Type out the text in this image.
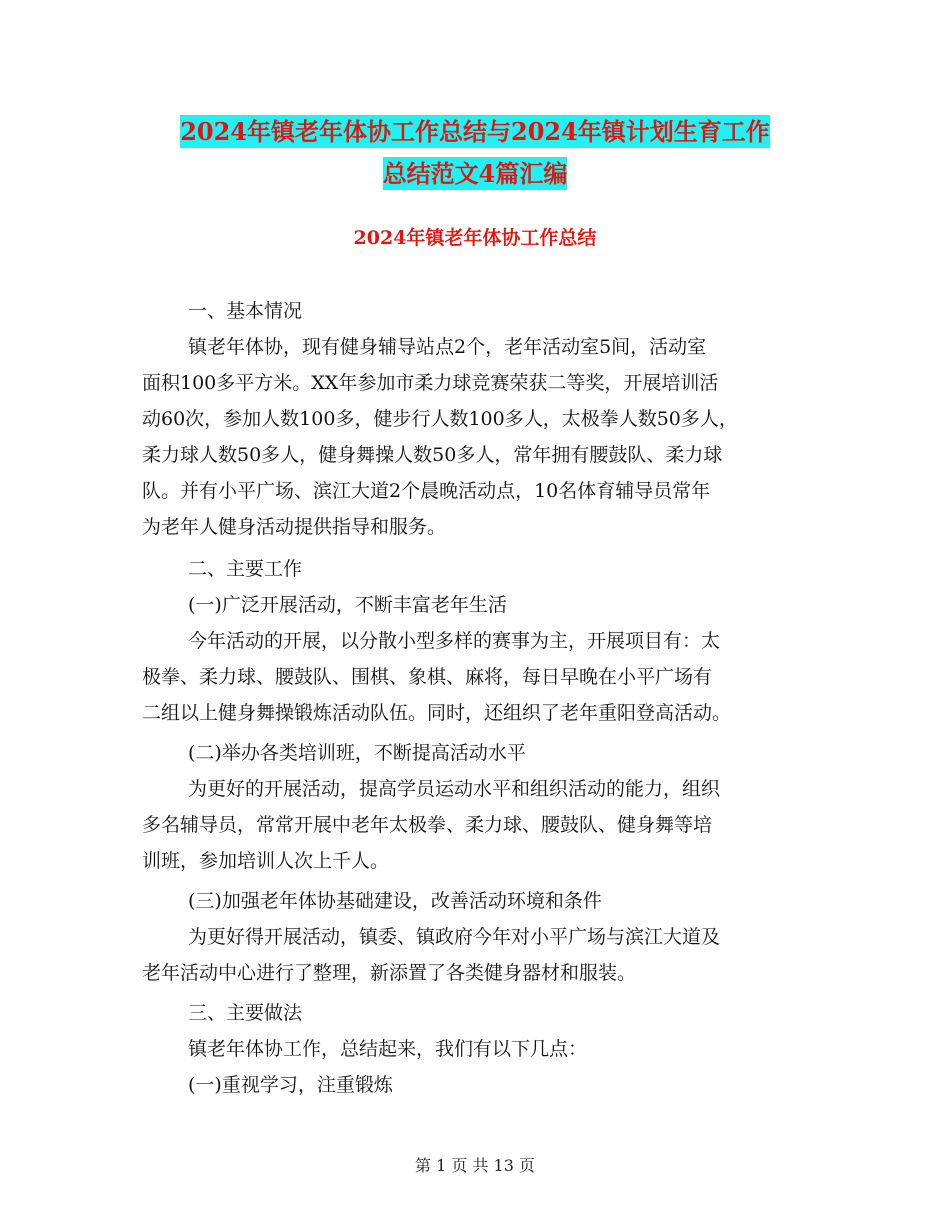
2024年镇老年体协工作总结与2024年镇计划生育工作
总结范文4篇汇编
2024年镇老年体协工作总结
一、基本情况
镇老年体协，现有健身辅导站点2个，老年活动室5间，活动室
面积100多平方米。XX年参加市柔力球竞赛荣获二等奖，开展培训活
动60次，参加人数100多，健步行人数100多人，太极拳人数50多人，
柔力球人数50多人，健身舞操人数50多人，常年拥有腰鼓队、柔力球
队。并有小平广场、滨江大道2个晨晚活动点，10名体育辅导员常年
为老年人健身活动提供指导和服务。
二、主要工作
(一)广泛开展活动，不断丰富老年生活
今年活动的开展，以分散小型多样的赛事为主，开展项目有：太
极拳、柔力球、腰鼓队、围棋、象棋、麻将，每日早晚在小平广场有
二组以上健身舞操锻炼活动队伍。同时，还组织了老年重阳登高活动。
(二)举办各类培训班，不断提高活动水平
为更好的开展活动，提高学员运动水平和组织活动的能力，组织
多名辅导员，常常开展中老年太极拳、柔力球、腰鼓队、健身舞等培
训班，参加培训人次上千人。
(三)加强老年体协基础建设，改善活动环境和条件
为更好得开展活动，镇委、镇政府今年对小平广场与滨江大道及
老年活动中心进行了整理，新添置了各类健身器材和服装。
三、主要做法
镇老年体协工作，总结起来，我们有以下几点：
(一)重视学习，注重锻炼
第 1 页 共 13 页
